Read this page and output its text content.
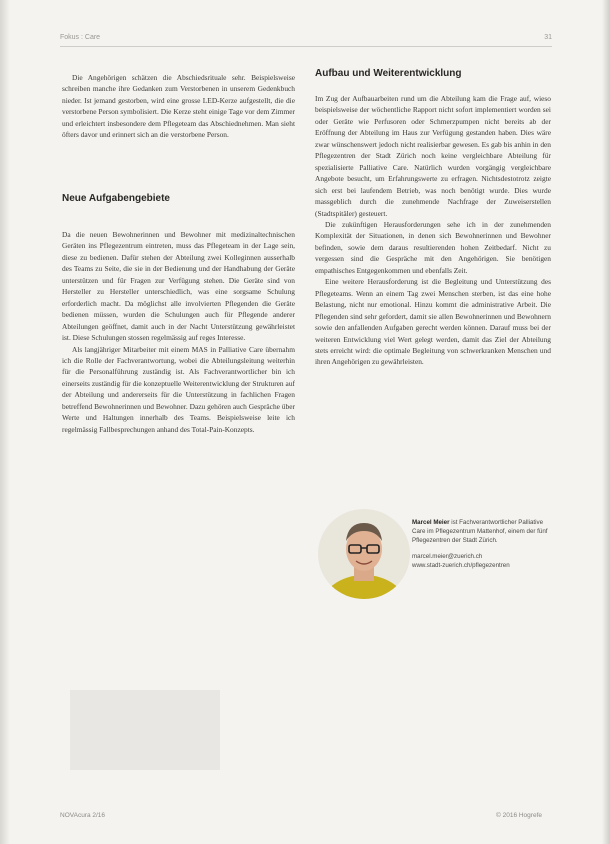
Fokus : Care	31

Die Angehörigen schätzen die Abschiedsrituale sehr. Beispielsweise schreiben manche ihre Gedanken zum Verstorbenen in unserem Gedenkbuch nieder. Ist jemand gestorben, wird eine grosse LED-Kerze aufgestellt, die die verstorbene Person symbolisiert. Die Kerze steht einige Tage vor dem Zimmer und erleichtert insbesondere dem Pflegeteam das Abschiednehmen. Man sieht öfters davor und erinnert sich an die verstorbene Person.

Neue Aufgabengebiete

Da die neuen Bewohnerinnen und Bewohner mit medizinaltechnischen Geräten ins Pflegezentrum eintreten, muss das Pflegeteam in der Lage sein, diese zu bedienen. Dafür stehen der Abteilung zwei Kolleginnen ausserhalb des Teams zu Seite, die sie in der Bedienung und der Handhabung der Geräte unterstützen und für Fragen zur Verfügung stehen. Die Geräte sind von Hersteller zu Hersteller unterschiedlich, was eine sorgsame Schulung erforderlich macht. Da möglichst alle involvierten Pflegenden die Geräte bedienen müssen, wurden die Schulungen auch für Pflegende anderer Abteilungen geöffnet, damit auch in der Nacht Unterstützung gewährleistet ist. Diese Schulungen stossen regelmässig auf reges Interesse.

Als langjähriger Mitarbeiter mit einem MAS in Palliative Care übernahm ich die Rolle der Fachverantwortung, wobei die Abteilungsleitung weiterhin für die Personalführung zuständig ist. Als Fachverantwortlicher bin ich einerseits zuständig für die konzeptuelle Weiterentwicklung der Strukturen auf der Abteilung und andererseits für die Unterstützung in fachlichen Fragen betreffend Bewohnerinnen und Bewohner. Dazu gehören auch Gespräche über Werte und Haltungen innerhalb des Teams. Beispielsweise leite ich regelmässig Fallbesprechungen anhand des Total-Pain-Konzepts.

Aufbau und Weiterentwicklung

Im Zug der Aufbauarbeiten rund um die Abteilung kam die Frage auf, wieso beispielsweise der wöchentliche Rapport nicht sofort implementiert worden sei oder Geräte wie Perfusoren oder Schmerzpumpen nicht bereits ab der Eröffnung der Abteilung im Haus zur Verfügung gestanden haben. Dies wäre zwar wünschenswert jedoch nicht realisierbar gewesen. Es gab bis anhin in den Pflegezentren der Stadt Zürich noch keine vergleichbare Abteilung für spezialisierte Palliative Care. Natürlich wurden vorgängig vergleichbare Angebote besucht, um Erfahrungswerte zu erfragen. Nichtsdestotrotz zeigte sich erst bei laufendem Betrieb, was noch benötigt wurde. Dies wurde massgeblich durch die zunehmende Nachfrage der Zuweiserstellen (Stadtspitäler) gesteuert.

Die zukünftigen Herausforderungen sehe ich in der zunehmenden Komplexität der Situationen, in denen sich Bewohnerinnen und Bewohner befinden, sowie dem daraus resultierenden hohen Zeitbedarf. Nicht zu vergessen sind die Gespräche mit den Angehörigen. Sie benötigen empathisches Entgegenkommen und ebenfalls Zeit.

Eine weitere Herausforderung ist die Begleitung und Unterstützung des Pflegeteams. Wenn an einem Tag zwei Menschen sterben, ist das eine hohe Belastung, nicht nur emotional. Hinzu kommt die administrative Arbeit. Die Pflegenden sind sehr gefordert, damit sie allen Bewohnerinnen und Bewohnern sowie den anfallenden Aufgaben gerecht werden können. Darauf muss bei der weiteren Entwicklung viel Wert gelegt werden, damit das Ziel der Abteilung stets erreicht wird: die optimale Begleitung von schwerkranken Menschen und ihren Angehörigen zu gewährleisten.

Marcel Meier ist Fachverantwortlicher Palliative Care im Pflegezentrum Mattenhof, einem der fünf Pflegezentren der Stadt Zürich.
marcel.meier@zuerich.ch
www.stadt-zuerich.ch/pflegezentren
NOVAcura 2/16	© 2016 Hogrefe
